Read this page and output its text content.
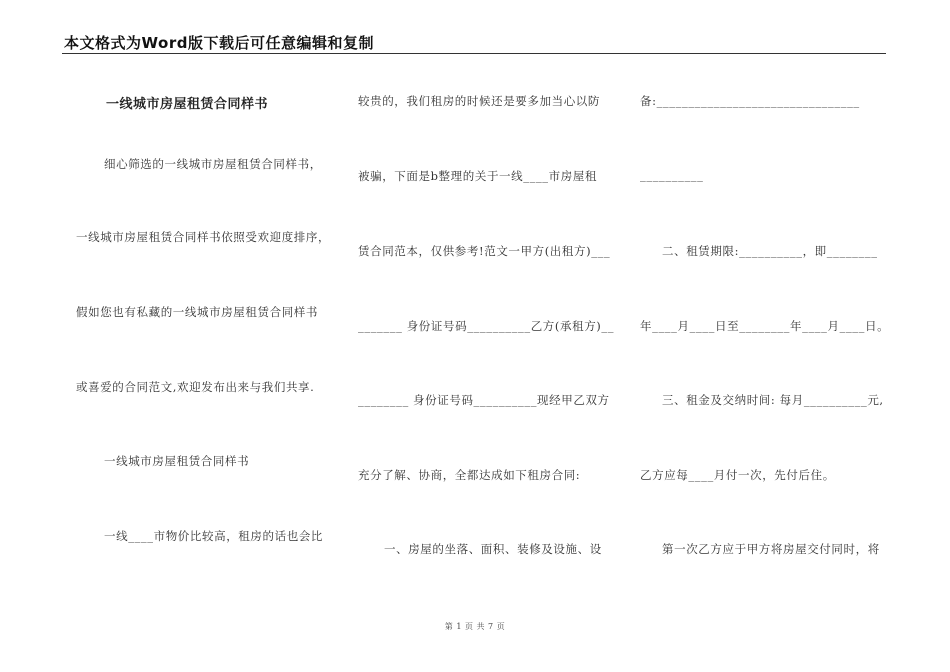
本文格式为Word版下载后可任意编辑和复制
一线城市房屋租赁合同样书
细心筛选的一线城市房屋租赁合同样书，
一线城市房屋租赁合同样书依照受欢迎度排序，
假如您也有私藏的一线城市房屋租赁合同样书
或喜爱的合同范文,欢迎发布出来与我们共享.
一线城市房屋租赁合同样书
一线____市物价比较高，租房的话也会比
较贵的，我们租房的时候还是要多加当心以防
被骗，下面是b整理的关于一线____市房屋租
赁合同范本，仅供参考!范文一甲方(出租方)___
_______ 身份证号码__________乙方(承租方)__
________ 身份证号码__________现经甲乙双方
充分了解、协商，全都达成如下租房合同:
一、房屋的坐落、面积、装修及设施、设
备:________________________________
__________
二、租赁期限:__________，即________
年____月____日至________年____月____日。
三、租金及交纳时间: 每月__________元,
乙方应每____月付一次，先付后住。
第一次乙方应于甲方将房屋交付同时，将
第 1 页 共 7 页
